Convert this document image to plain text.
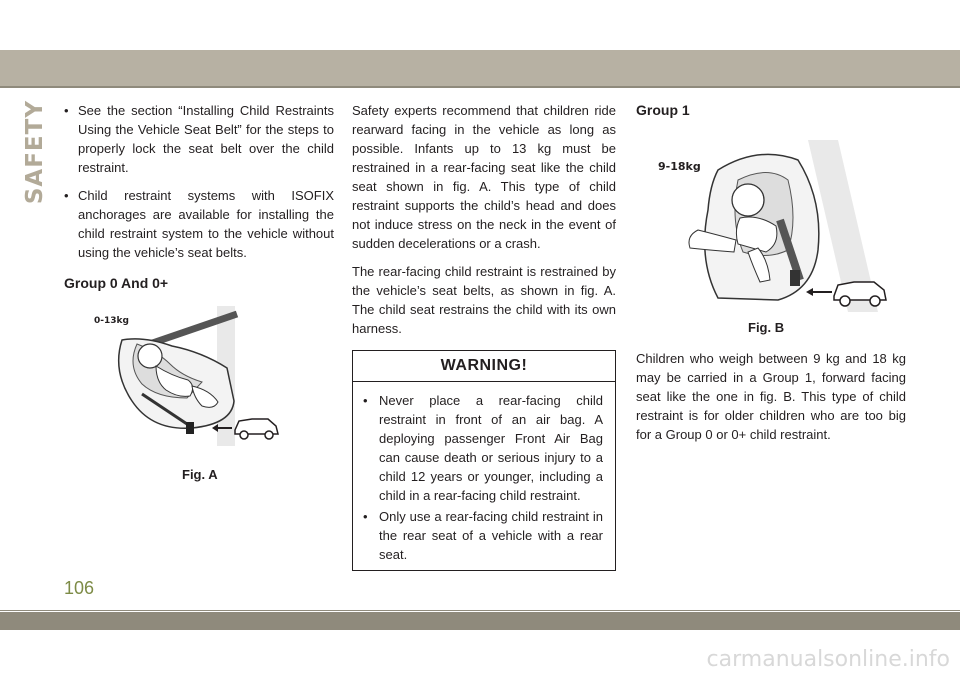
SAFETY
•	See the section “Installing Child Restraints Using the Vehicle Seat Belt” for the steps to properly lock the seat belt over the child restraint.
• Child restraint systems with ISOFIX anchorages are available for installing the child restraint system to the vehicle without using the vehicle’s seat belts.
Group 0 And 0+
0-13kg
Fig. A

Safety experts recommend that children ride rearward facing in the vehicle as long as possible. Infants up to 13 kg must be restrained in a rear-facing seat like the child seat shown in fig. A. This type of child restraint supports the child’s head and does not induce stress on the neck in the event of sudden decelerations or a crash.

The rear-facing child restraint is restrained by the vehicle’s seat belts, as shown in fig. A. The child seat restrains the child with its own harness.

WARNING!
• Never place a rear-facing child restraint in front of an air bag. A deploying passenger Front Air Bag can cause death or serious injury to a child 12 years or younger, including a child in a rear-facing child restraint.
• Only use a rear-facing child restraint in the rear seat of a vehicle with a rear seat.
Group 1
9-18kg
Fig. B

Children who weigh between 9 kg and 18 kg may be carried in a Group 1, forward facing seat like the one in fig. B. This type of child restraint is for older children who are too big for a Group 0 or 0+ child restraint.

106
carmanualsonline.info
